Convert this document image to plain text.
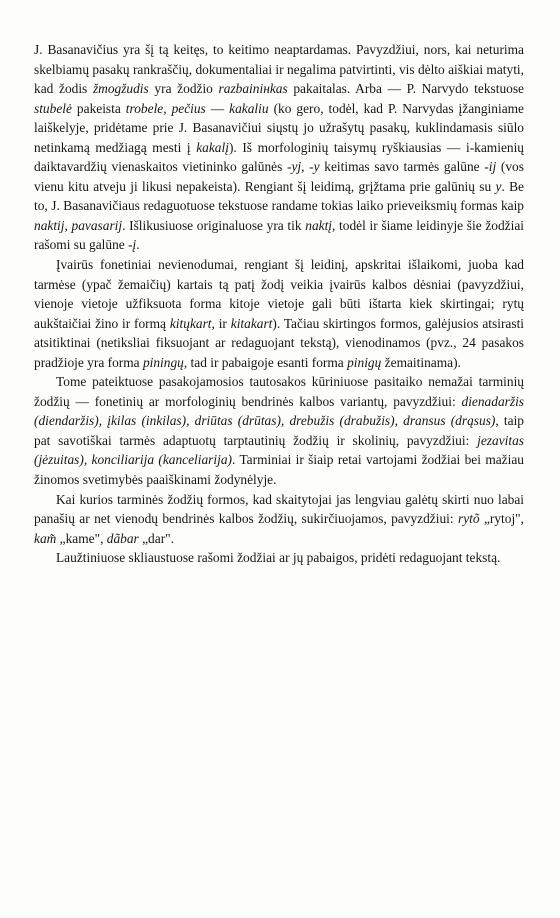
J. Basanavičius yra šį tą keitęs, to keitimo neaptardamas. Pavyzdžiui, nors, kai neturima skelbiamų pasakų rankraščių, dokumentaliai ir negalima patvirtinti, vis dėlto aiškiai matyti, kad žodis žmogžudis yra žodžio razbainінkas pakaitalas. Arba — P. Narvydo tekstuose stubelė pakeista trobele, pečius — kakaliu (ko gero, todėl, kad P. Narvydas įžanginiame laiškelyje, pridėtame prie J. Basanavičiui siųstų jo užrašytų pasakų, kuklindamasis siūlo netinkamą medžiagą mesti į kakalį). Iš morfologinių taisymų ryškiausias — i-kamienių daiktavardžių vienaskaitos vietininko galūnės -yj, -y keitimas savo tarmės galūne -ij (vos vienu kitu atveju ji likusi nepakeista). Rengiant šį leidimą, grįžtama prie galūnių su y. Be to, J. Basanavičiaus redaguotuose tekstuose randame tokias laiko prieveiksmių formas kaip naktij, pavasarij. Išlikusiuose originaluose yra tik naktį, todėl ir šiame leidinyje šie žodžiai rašomi su galūne -į.

Įvairūs fonetiniai nevienodumai, rengiant šį leidinį, apskritai išlaikomi, juoba kad tarmėse (ypač žemaičių) kartais tą patį žodį veikia įvairūs kalbos dėsniai (pavyzdžiui, vienoje vietoje užfiksuota forma kitoje vietoje gali būti ištarta kiek skirtingai; rytų aukštaičiai žino ir formą kitųkart, ir kitakart). Tačiau skirtingos formos, galėjusios atsirasti atsitiktinai (netiksliai fiksuojant ar redaguojant tekstą), vienodinamos (pvz., 24 pasakos pradžioje yra forma piningų, tad ir pabaigoje esanti forma pinigų žemaitinama).

Tome pateiktuose pasakojamosios tautosakos kūriniuose pasitaiko nemažai tarminių žodžių — fonetinių ar morfologinių bendrinės kalbos variantų, pavyzdžiui: dienadaržis (diendaržis), įkilas (inkilas), driūtas (drūtas), drebužis (drabužis), dransus (drąsus), taip pat savotiškai tarmės adaptuotų tarptautinių žodžių ir skolinių, pavyzdžiui: jezavitas (jėzuitas), konciliarija (kanceliarija). Tarminiai ir šiaip retai vartojami žodžiai bei mažiau žinomos svetimybės paaiškinami žodynėlyje.

Kai kurios tarminės žodžių formos, kad skaitytojai jas lengviau galėtų skirti nuo labai panašių ar net vienodų bendrinės kalbos žodžių, sukirčiuojamos, pavyzdžiui: rytõ „rytoj", kam̃ „kame", dãbar „dar".

Laužtiniuose skliaustuose rašomi žodžiai ar jų pabaigos, pridėti redaguojant tekstą.
